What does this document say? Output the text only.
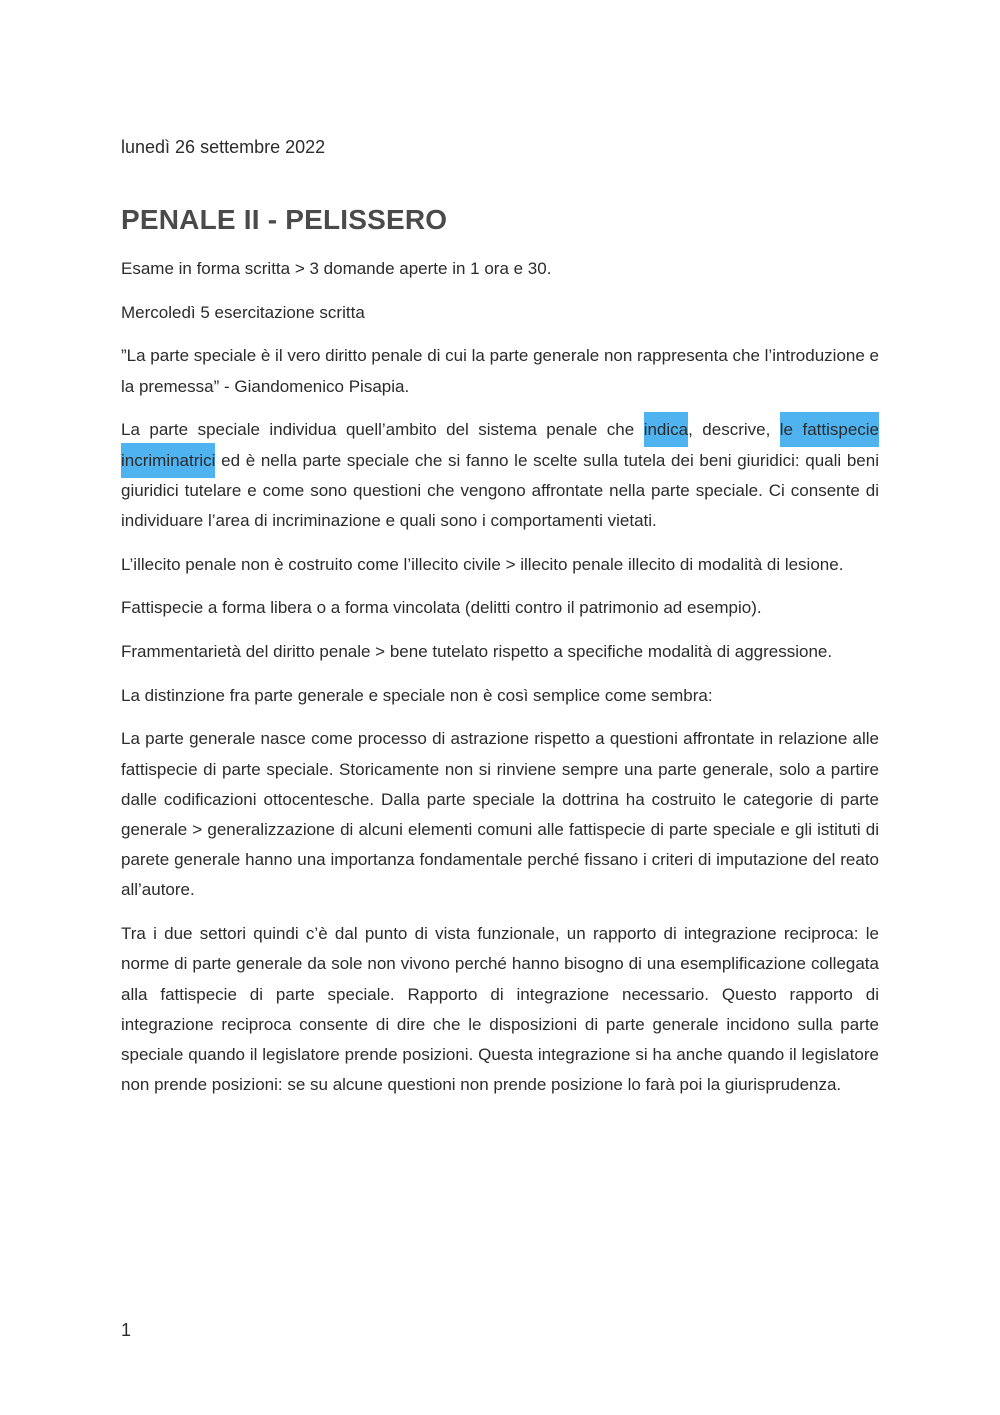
lunedì 26 settembre 2022
PENALE II - PELISSERO

Esame in forma scritta > 3 domande aperte in 1 ora e 30.

Mercoledì 5 esercitazione scritta

”La parte speciale è il vero diritto penale di cui la parte generale non rappresenta che l’introduzione e la premessa” - Giandomenico Pisapia.

La parte speciale individua quell’ambito del sistema penale che indica, descrive, le fattispecie incriminatrici ed è nella parte speciale che si fanno le scelte sulla tutela dei beni giuridici: quali beni giuridici tutelare e come sono questioni che vengono affrontate nella parte speciale. Ci consente di individuare l’area di incriminazione e quali sono i comportamenti vietati.

L’illecito penale non è costruito come l’illecito civile > illecito penale illecito di modalità di lesione.

Fattispecie a forma libera o a forma vincolata (delitti contro il patrimonio ad esempio).

Frammentarietà del diritto penale > bene tutelato rispetto a specifiche modalità di aggressione.

La distinzione fra parte generale e speciale non è così semplice come sembra:

La parte generale nasce come processo di astrazione rispetto a questioni affrontate in relazione alle fattispecie di parte speciale. Storicamente non si rinviene sempre una parte generale, solo a partire dalle codificazioni ottocentesche. Dalla parte speciale la dottrina ha costruito le categorie di parte generale > generalizzazione di alcuni elementi comuni alle fattispecie di parte speciale e gli istituti di parete generale hanno una importanza fondamentale perché fissano i criteri di imputazione del reato all’autore.

Tra i due settori quindi c’è dal punto di vista funzionale, un rapporto di integrazione reciproca: le norme di parte generale da sole non vivono perché hanno bisogno di una esemplificazione collegata alla fattispecie di parte speciale. Rapporto di integrazione necessario. Questo rapporto di integrazione reciproca consente di dire che le disposizioni di parte generale incidono sulla parte speciale quando il legislatore prende posizioni. Questa integrazione si ha anche quando il legislatore non prende posizioni: se su alcune questioni non prende posizione lo farà poi la giurisprudenza.

1
